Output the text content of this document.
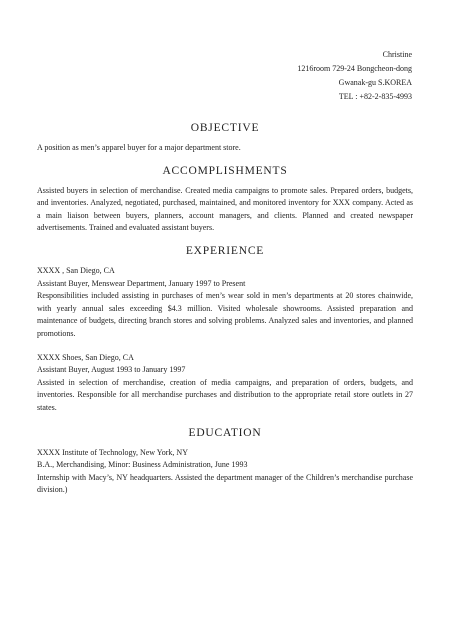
Christine
1216room 729-24 Bongcheon-dong
Gwanak-gu S.KOREA
TEL : +82-2-835-4993
OBJECTIVE

A position as men’s apparel buyer for a major department store.

ACCOMPLISHMENTS

Assisted buyers in selection of merchandise. Created media campaigns to promote sales. Prepared orders, budgets, and inventories. Analyzed, negotiated, purchased, maintained, and monitored inventory for XXX company. Acted as a main liaison between buyers, planners, account managers, and clients. Planned and created newspaper advertisements. Trained and evaluated assistant buyers.

EXPERIENCE

XXXX , San Diego, CA

Assistant Buyer, Menswear Department, January 1997 to Present

Responsibilities included assisting in purchases of men’s wear sold in men’s departments at 20 stores chainwide, with yearly annual sales exceeding $4.3 million. Visited wholesale showrooms. Assisted preparation and maintenance of budgets, directing branch stores and solving problems. Analyzed sales and inventories, and planned promotions.

XXXX Shoes, San Diego, CA

Assistant Buyer, August 1993 to January 1997

Assisted in selection of merchandise, creation of media campaigns, and preparation of orders, budgets, and inventories. Responsible for all merchandise purchases and distribution to the appropriate retail store outlets in 27 states.

EDUCATION

XXXX Institute of Technology, New York, NY

B.A., Merchandising, Minor: Business Administration, June 1993

Internship with Macy’s, NY headquarters. Assisted the department manager of the Children’s merchandise purchase division.)
